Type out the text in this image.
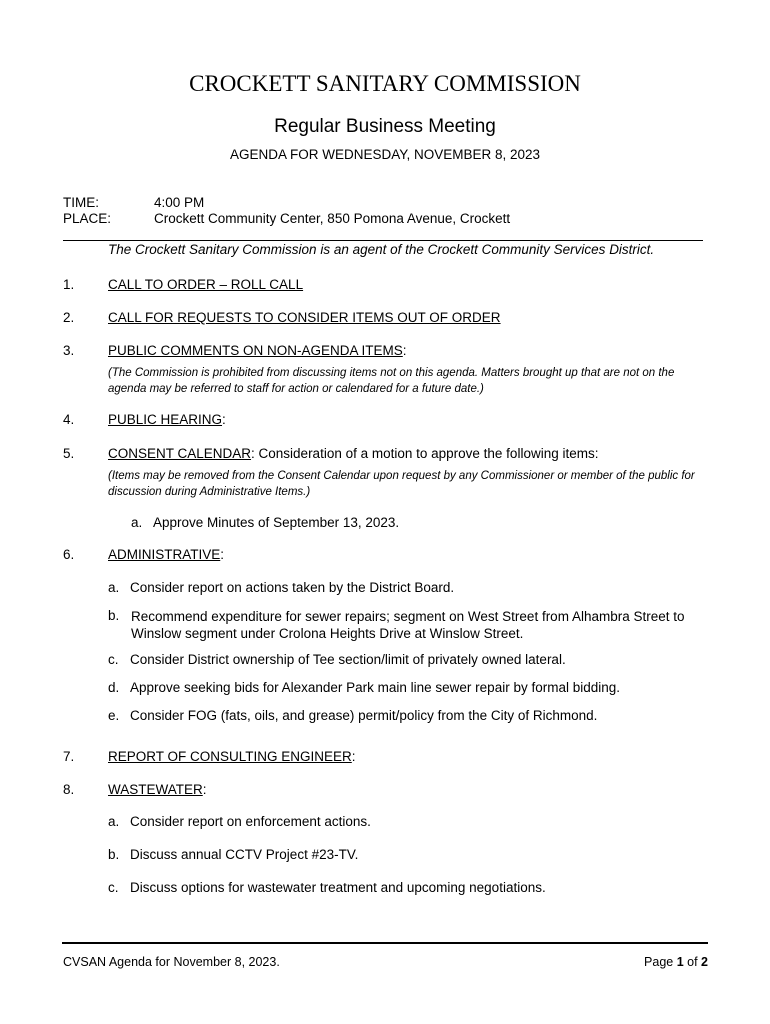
CROCKETT SANITARY COMMISSION
Regular Business Meeting
AGENDA FOR WEDNESDAY, NOVEMBER 8, 2023
TIME:	4:00 PM
PLACE:	Crockett Community Center, 850 Pomona Avenue, Crockett
The Crockett Sanitary Commission is an agent of the Crockett Community Services District.
1. CALL TO ORDER – ROLL CALL
2. CALL FOR REQUESTS TO CONSIDER ITEMS OUT OF ORDER
3. PUBLIC COMMENTS ON NON-AGENDA ITEMS:
(The Commission is prohibited from discussing items not on this agenda. Matters brought up that are not on the agenda may be referred to staff for action or calendared for a future date.)
4. PUBLIC HEARING:
5. CONSENT CALENDAR: Consideration of a motion to approve the following items:
(Items may be removed from the Consent Calendar upon request by any Commissioner or member of the public for discussion during Administrative Items.)
a. Approve Minutes of September 13, 2023.
6. ADMINISTRATIVE:
a. Consider report on actions taken by the District Board.
b. Recommend expenditure for sewer repairs; segment on West Street from Alhambra Street to Winslow segment under Crolona Heights Drive at Winslow Street.
c. Consider District ownership of Tee section/limit of privately owned lateral.
d. Approve seeking bids for Alexander Park main line sewer repair by formal bidding.
e. Consider FOG (fats, oils, and grease) permit/policy from the City of Richmond.
7. REPORT OF CONSULTING ENGINEER:
8. WASTEWATER:
a. Consider report on enforcement actions.
b. Discuss annual CCTV Project #23-TV.
c. Discuss options for wastewater treatment and upcoming negotiations.
CVSAN Agenda for November 8, 2023.	Page 1 of 2
